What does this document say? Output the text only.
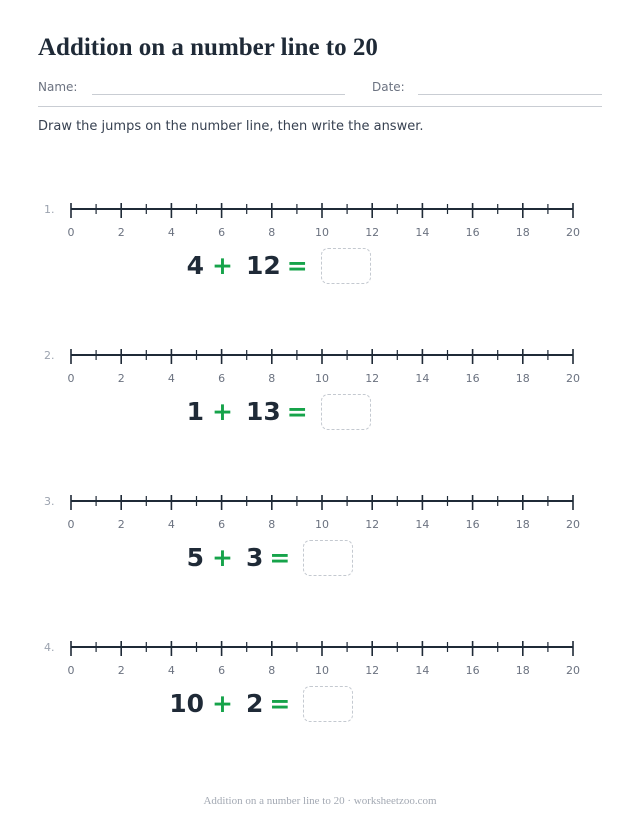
Addition on a number line to 20
Name:	Date:
Draw the jumps on the number line, then write the answer.
1.
0	2	4	6	8	10	12	14	16	18	20
4 + 12 =
2.
0	2	4	6	8	10	12	14	16	18	20
1 + 13 =
3.
0	2	4	6	8	10	12	14	16	18	20
5 + 3 =
4.
0	2	4	6	8	10	12	14	16	18	20
10 + 2 =
Addition on a number line to 20 · worksheetzoo.com
